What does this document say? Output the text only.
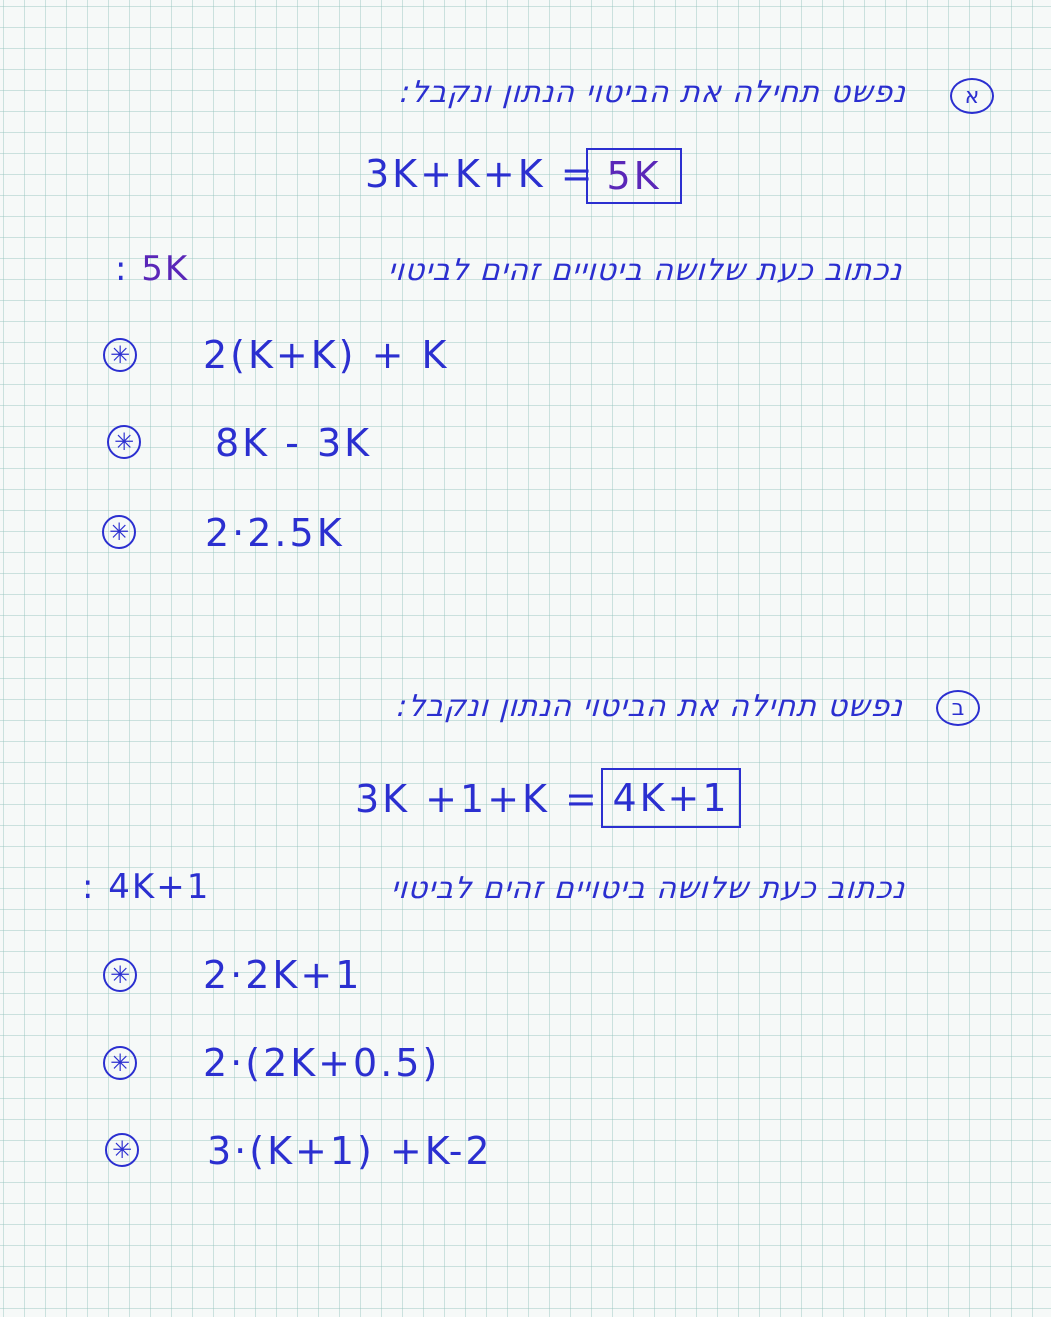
א
נפשט תחילה את הביטוי הנתון ונקבל:
3K+K+K = 5K
: 5K	נכתוב כעת שלושה ביטויים זהים לביטוי
✳ 2(K+K) + K
✳ 8K - 3K
✳ 2·2.5K
ב
נפשט תחילה את הביטוי הנתון ונקבל:
3K +1+K = 4K+1
: 4K+1	נכתוב כעת שלושה ביטויים זהים לביטוי
✳ 2·2K+1
✳ 2·(2K+0.5)
✳ 3·(K+1) +K-2
